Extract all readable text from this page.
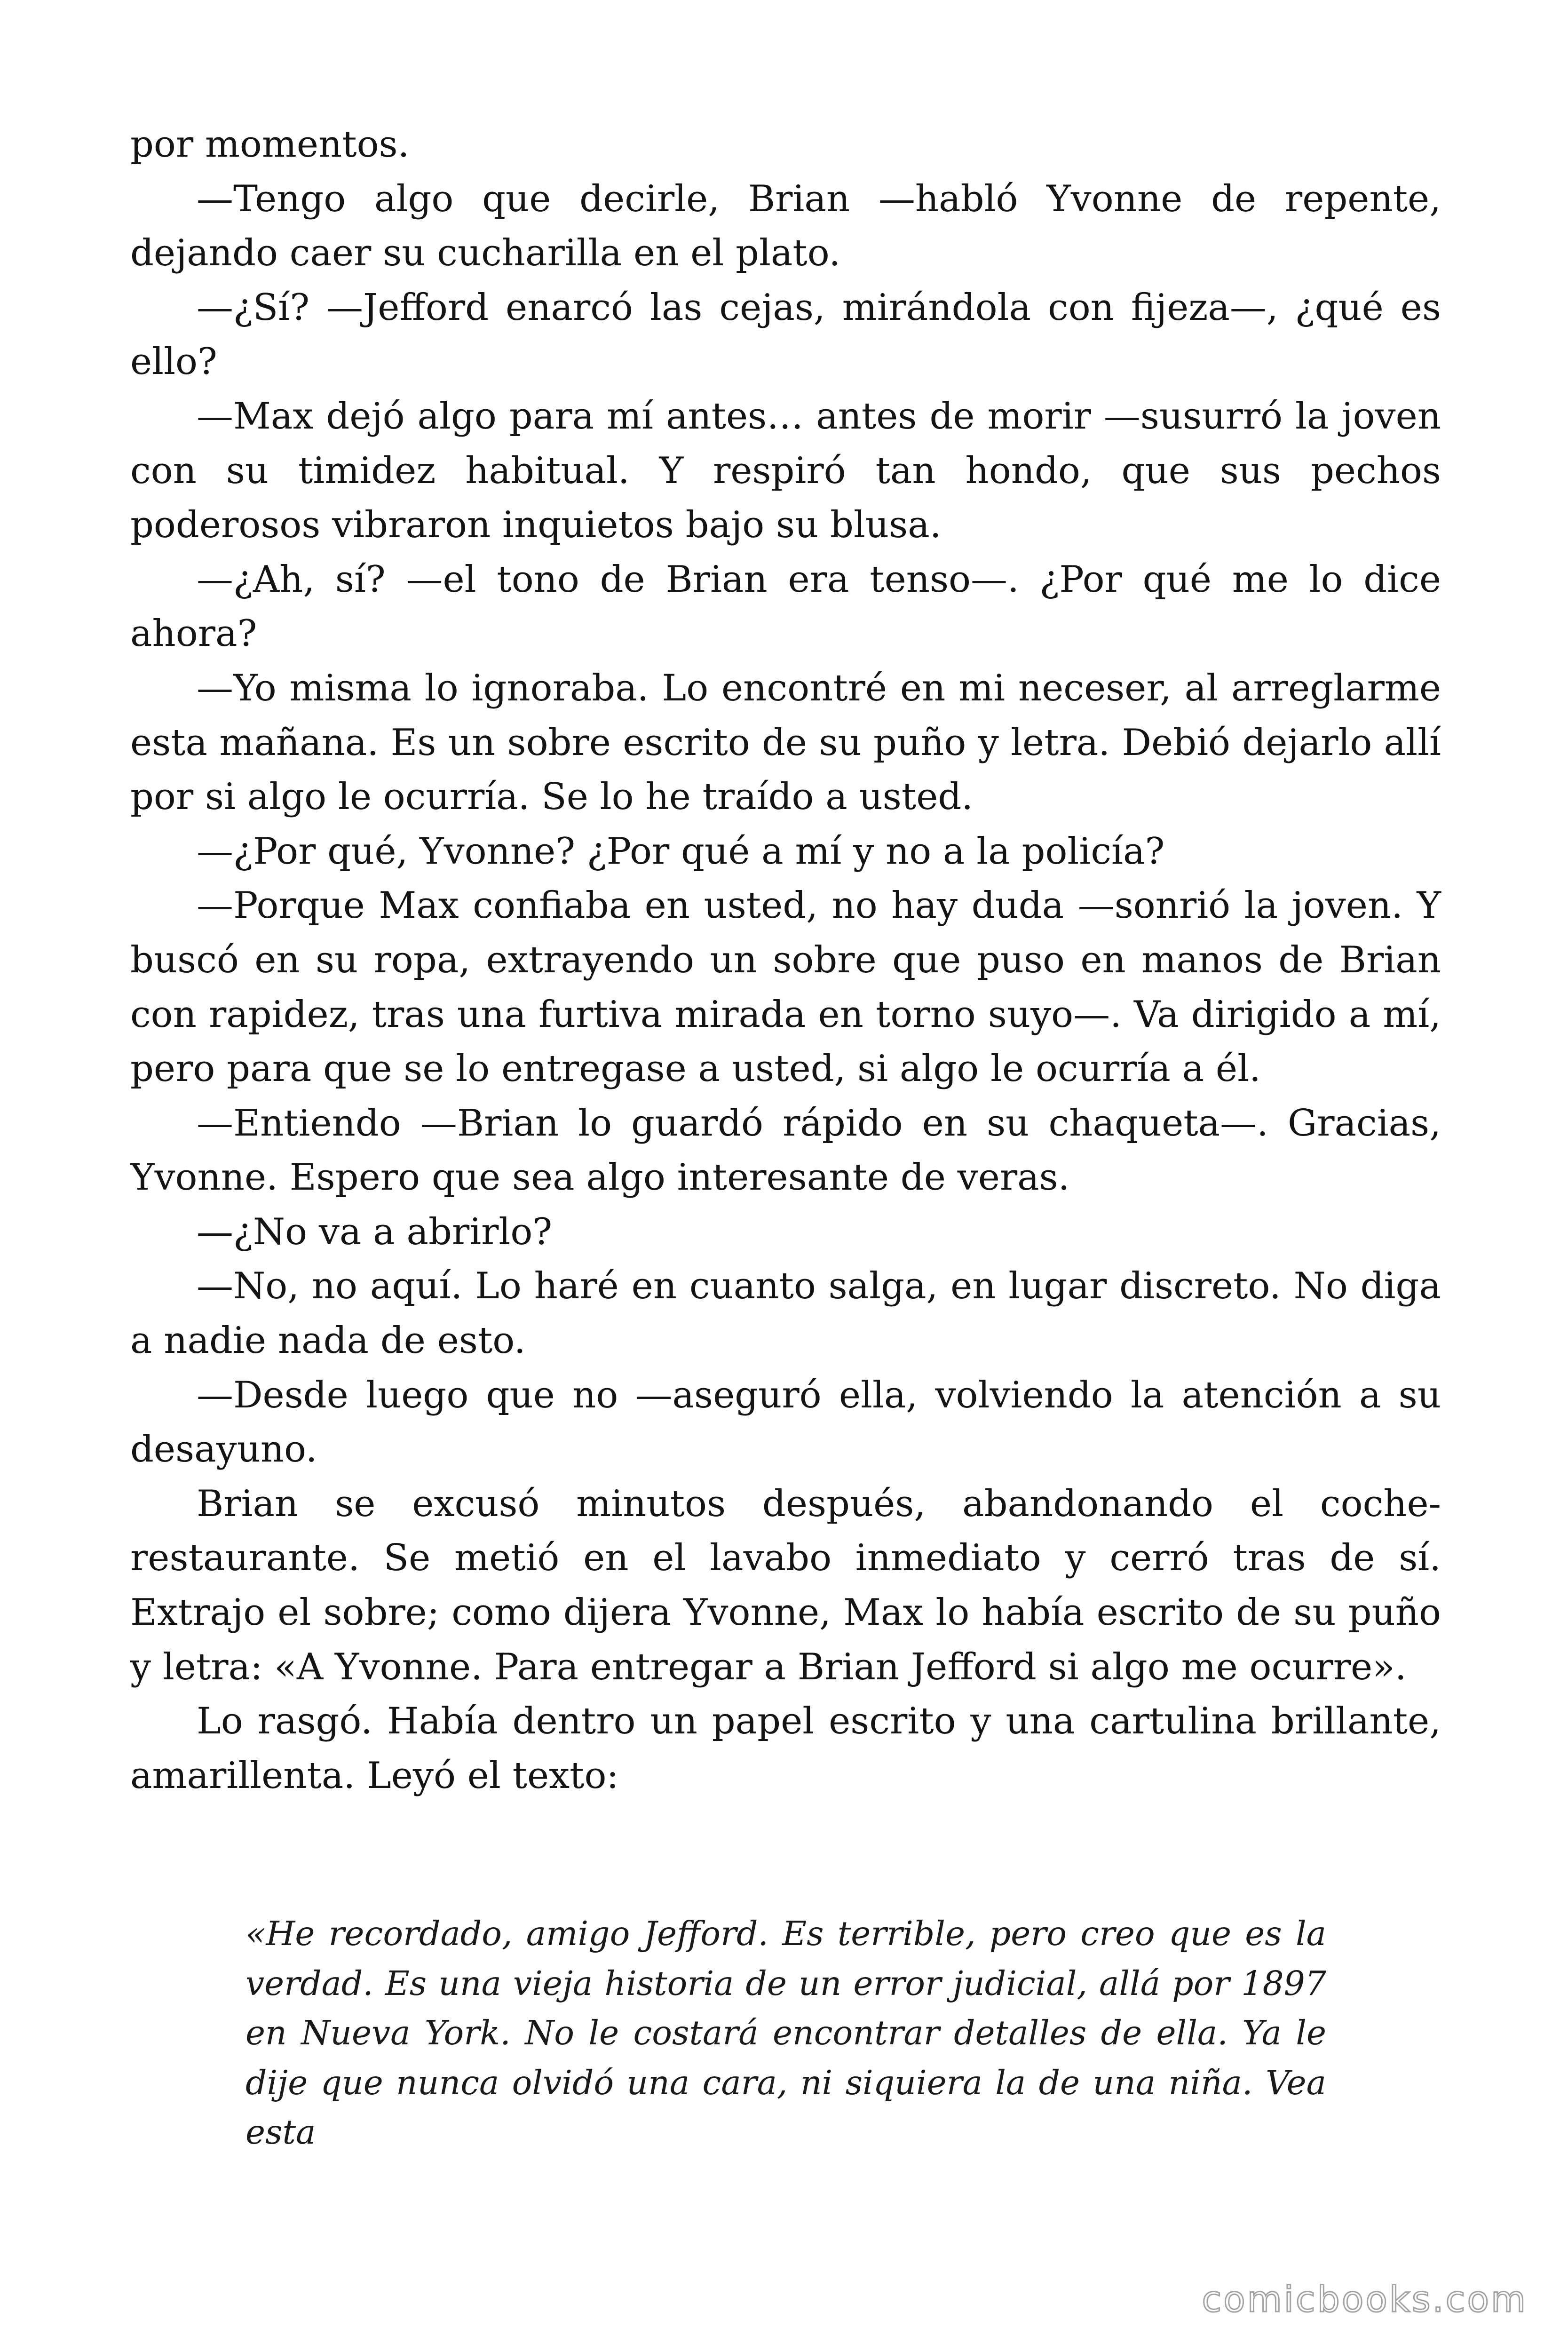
por momentos.

—Tengo algo que decirle, Brian —habló Yvonne de repente, dejando caer su cucharilla en el plato.

—¿Sí? —Jefford enarcó las cejas, mirándola con fijeza—, ¿qué es ello?

—Max dejó algo para mí antes… antes de morir —susurró la joven con su timidez habitual. Y respiró tan hondo, que sus pechos poderosos vibraron inquietos bajo su blusa.

—¿Ah, sí? —el tono de Brian era tenso—. ¿Por qué me lo dice ahora?

—Yo misma lo ignoraba. Lo encontré en mi neceser, al arreglarme esta mañana. Es un sobre escrito de su puño y letra. Debió dejarlo allí por si algo le ocurría. Se lo he traído a usted.

—¿Por qué, Yvonne? ¿Por qué a mí y no a la policía?

—Porque Max confiaba en usted, no hay duda —sonrió la joven. Y buscó en su ropa, extrayendo un sobre que puso en manos de Brian con rapidez, tras una furtiva mirada en torno suyo—. Va dirigido a mí, pero para que se lo entregase a usted, si algo le ocurría a él.

—Entiendo —Brian lo guardó rápido en su chaqueta—. Gracias, Yvonne. Espero que sea algo interesante de veras.

—¿No va a abrirlo?

—No, no aquí. Lo haré en cuanto salga, en lugar discreto. No diga a nadie nada de esto.

—Desde luego que no —aseguró ella, volviendo la atención a su desayuno.

Brian se excusó minutos después, abandonando el coche-restaurante. Se metió en el lavabo inmediato y cerró tras de sí. Extrajo el sobre; como dijera Yvonne, Max lo había escrito de su puño y letra: «A Yvonne. Para entregar a Brian Jefford si algo me ocurre».

Lo rasgó. Había dentro un papel escrito y una cartulina brillante, amarillenta. Leyó el texto:

«He recordado, amigo Jefford. Es terrible, pero creo que es la verdad. Es una vieja historia de un error judicial, allá por 1897 en Nueva York. No le costará encontrar detalles de ella. Ya le dije que nunca olvidó una cara, ni siquiera la de una niña. Vea esta

comicbooks.com
